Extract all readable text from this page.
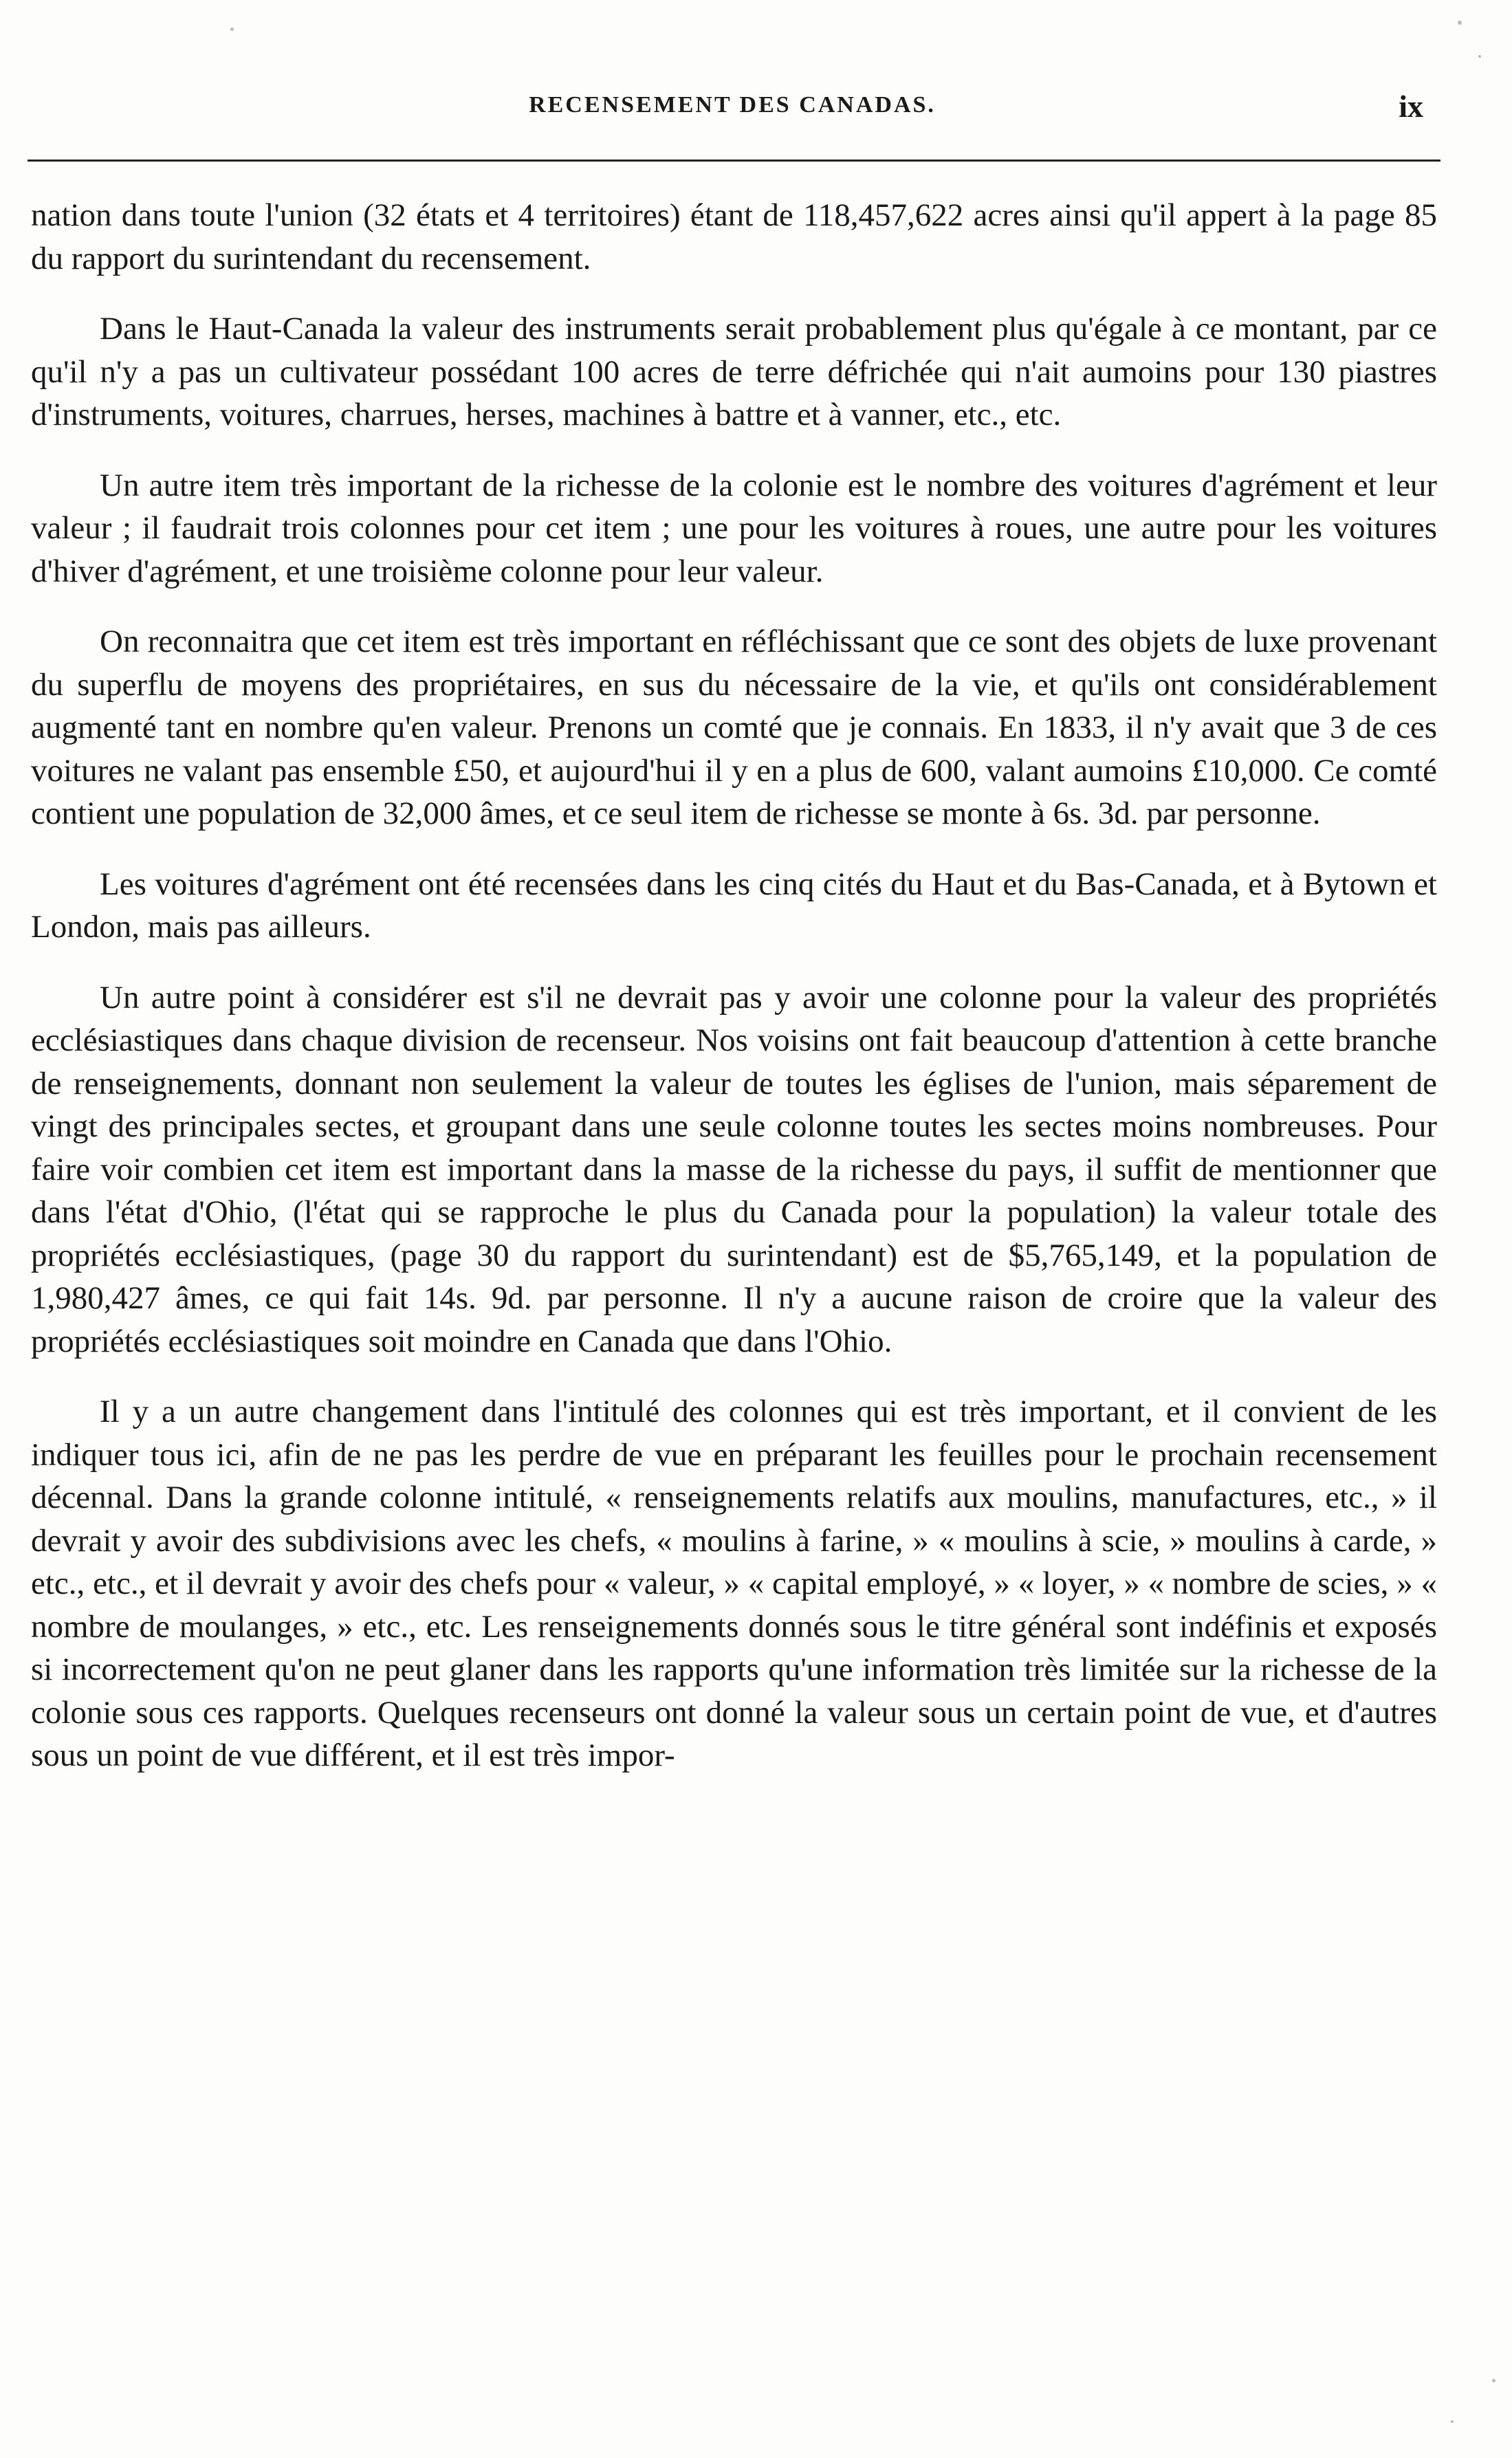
RECENSEMENT DES CANADAS.	ix

nation dans toute l'union (32 états et 4 territoires) étant de 118,457,622 acres ainsi qu'il appert à la page 85 du rapport du surintendant du recensement.

Dans le Haut-Canada la valeur des instruments serait probablement plus qu'égale à ce montant, par ce qu'il n'y a pas un cultivateur possédant 100 acres de terre défrichée qui n'ait aumoins pour 130 piastres d'instruments, voitures, charrues, herses, machines à battre et à vanner, etc., etc.

Un autre item très important de la richesse de la colonie est le nombre des voitures d'agrément et leur valeur ; il faudrait trois colonnes pour cet item ; une pour les voitures à roues, une autre pour les voitures d'hiver d'agrément, et une troisième colonne pour leur valeur.

On reconnaitra que cet item est très important en réfléchissant que ce sont des objets de luxe provenant du superflu de moyens des propriétaires, en sus du nécessaire de la vie, et qu'ils ont considérablement augmenté tant en nombre qu'en valeur. Prenons un comté que je connais. En 1833, il n'y avait que 3 de ces voitures ne valant pas ensemble £50, et aujourd'hui il y en a plus de 600, valant aumoins £10,000. Ce comté contient une population de 32,000 âmes, et ce seul item de richesse se monte à 6s. 3d. par personne.

Les voitures d'agrément ont été recensées dans les cinq cités du Haut et du Bas-Canada, et à Bytown et London, mais pas ailleurs.

Un autre point à considérer est s'il ne devrait pas y avoir une colonne pour la valeur des propriétés ecclésiastiques dans chaque division de recenseur. Nos voisins ont fait beaucoup d'attention à cette branche de renseignements, donnant non seulement la valeur de toutes les églises de l'union, mais séparement de vingt des principales sectes, et groupant dans une seule colonne toutes les sectes moins nombreuses. Pour faire voir combien cet item est important dans la masse de la richesse du pays, il suffit de mentionner que dans l'état d'Ohio, (l'état qui se rapproche le plus du Canada pour la population) la valeur totale des propriétés ecclésiastiques, (page 30 du rapport du surintendant) est de $5,765,149, et la population de 1,980,427 âmes, ce qui fait 14s. 9d. par personne. Il n'y a aucune raison de croire que la valeur des propriétés ecclésiastiques soit moindre en Canada que dans l'Ohio.

Il y a un autre changement dans l'intitulé des colonnes qui est très important, et il convient de les indiquer tous ici, afin de ne pas les perdre de vue en préparant les feuilles pour le prochain recensement décennal. Dans la grande colonne intitulé, « renseignements relatifs aux moulins, manufactures, etc., » il devrait y avoir des subdivisions avec les chefs, « moulins à farine, » « moulins à scie, » moulins à carde, » etc., etc., et il devrait y avoir des chefs pour « valeur, » « capital employé, » « loyer, » « nombre de scies, » « nombre de moulanges, » etc., etc. Les renseignements donnés sous le titre général sont indéfinis et exposés si incorrectement qu'on ne peut glaner dans les rapports qu'une information très limitée sur la richesse de la colonie sous ces rapports. Quelques recenseurs ont donné la valeur sous un certain point de vue, et d'autres sous un point de vue différent, et il est très impor-
